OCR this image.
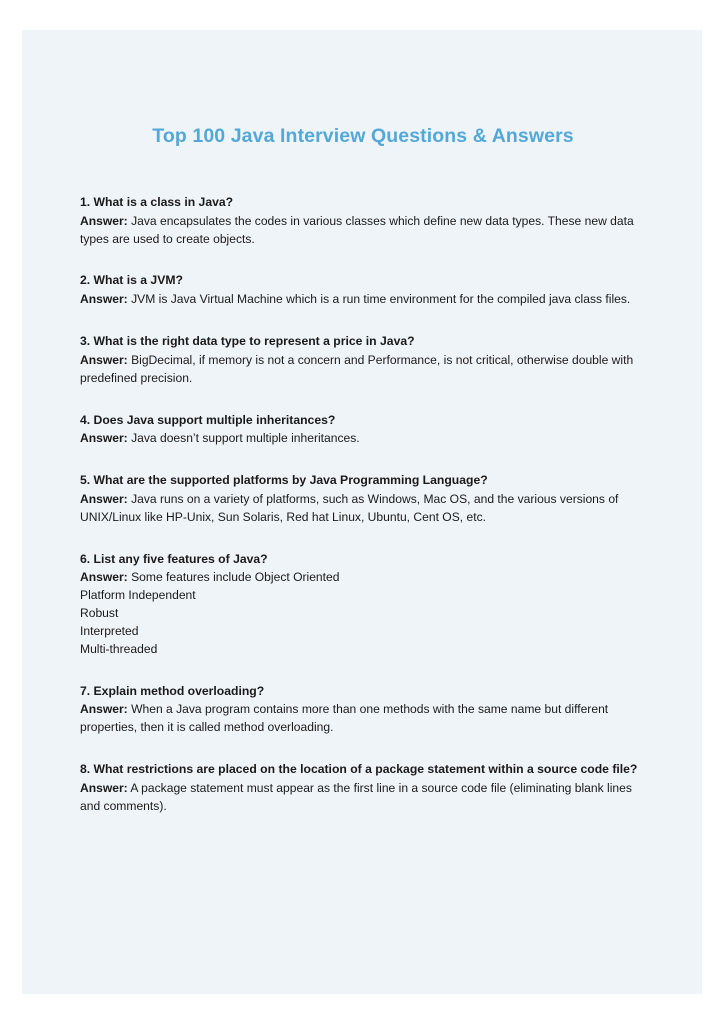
Top 100 Java Interview Questions & Answers

1. What is a class in Java?

Answer: Java encapsulates the codes in various classes which define new data types. These new data types are used to create objects.

2. What is a JVM?

Answer: JVM is Java Virtual Machine which is a run time environment for the compiled java class files.

3. What is the right data type to represent a price in Java?

Answer: BigDecimal, if memory is not a concern and Performance, is not critical, otherwise double with predefined precision.

4. Does Java support multiple inheritances?

Answer: Java doesn’t support multiple inheritances.

5. What are the supported platforms by Java Programming Language?

Answer: Java runs on a variety of platforms, such as Windows, Mac OS, and the various versions of UNIX/Linux like HP-Unix, Sun Solaris, Red hat Linux, Ubuntu, Cent OS, etc.

6. List any five features of Java?

Answer: Some features include Object Oriented

Platform Independent

Robust

Interpreted

Multi-threaded

7. Explain method overloading?

Answer: When a Java program contains more than one methods with the same name but different properties, then it is called method overloading.

8. What restrictions are placed on the location of a package statement within a source code file?

Answer: A package statement must appear as the first line in a source code file (eliminating blank lines and comments).
